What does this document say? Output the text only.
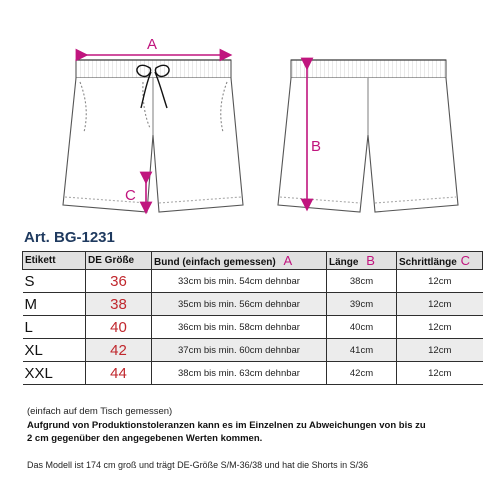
A
B
C
Art. BG-1231
Etikett	DE Größe	Bund (einfach gemessen) A	Länge B	Schrittlänge C
S	36	33cm bis min. 54cm dehnbar	38cm	12cm
M	38	35cm bis min. 56cm dehnbar	39cm	12cm
L	40	36cm bis min. 58cm dehnbar	40cm	12cm
XL	42	37cm bis min. 60cm dehnbar	41cm	12cm
XXL	44	38cm bis min. 63cm dehnbar	42cm	12cm

(einfach auf dem Tisch gemessen)

Aufgrund von Produktionstoleranzen kann es im Einzelnen zu Abweichungen von bis zu

2 cm gegenüber den angegebenen Werten kommen.

Das Modell ist 174 cm groß und trägt DE-Größe S/M-36/38 und hat die Shorts in S/36
